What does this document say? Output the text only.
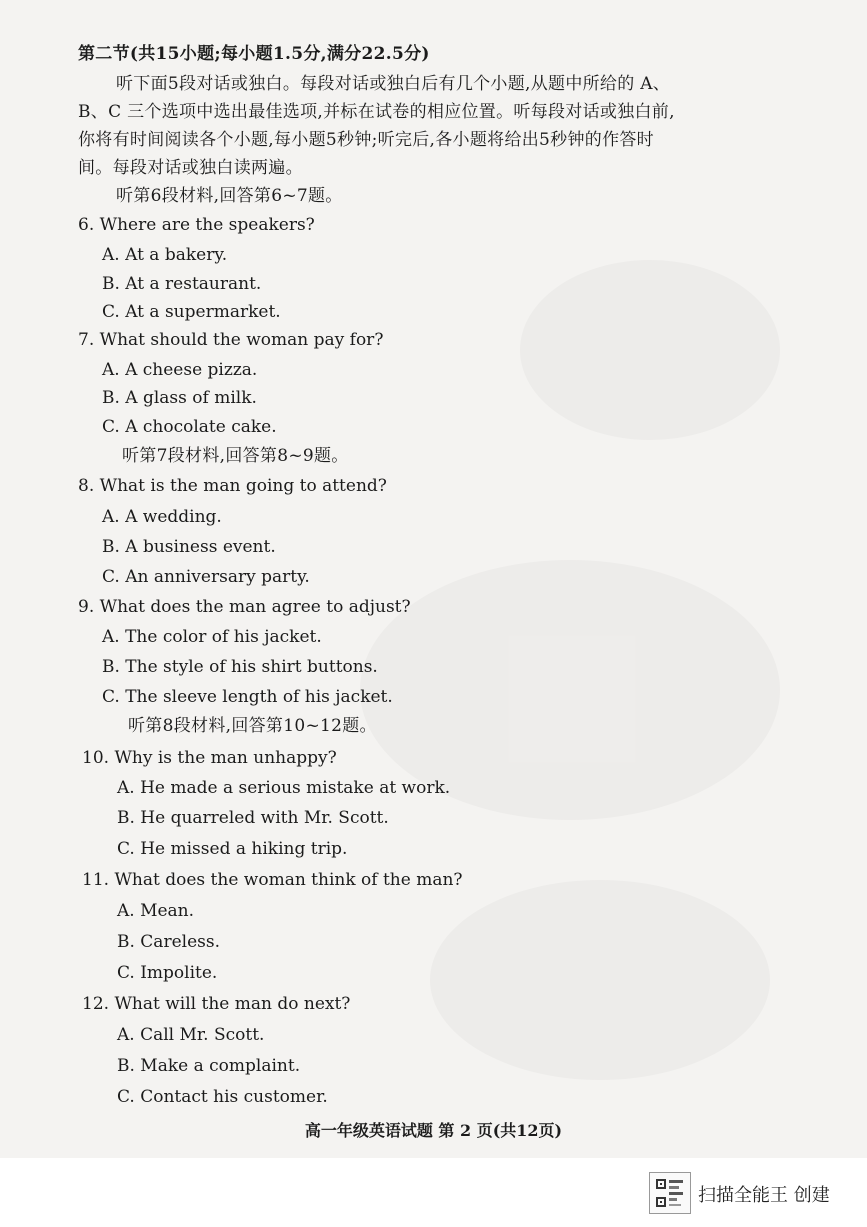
第二节(共15小题;每小题1.5分,满分22.5分)
听下面5段对话或独白。每段对话或独白后有几个小题,从题中所给的 A、
B、C 三个选项中选出最佳选项,并标在试卷的相应位置。听每段对话或独白前,
你将有时间阅读各个小题,每小题5秒钟;听完后,各小题将给出5秒钟的作答时
间。每段对话或独白读两遍。
听第6段材料,回答第6~7题。
6. Where are the speakers?
A. At a bakery.
B. At a restaurant.
C. At a supermarket.
7. What should the woman pay for?
A. A cheese pizza.
B. A glass of milk.
C. A chocolate cake.
听第7段材料,回答第8~9题。
8. What is the man going to attend?
A. A wedding.
B. A business event.
C. An anniversary party.
9. What does the man agree to adjust?
A. The color of his jacket.
B. The style of his shirt buttons.
C. The sleeve length of his jacket.
听第8段材料,回答第10~12题。
10. Why is the man unhappy?
A. He made a serious mistake at work.
B. He quarreled with Mr. Scott.
C. He missed a hiking trip.
11. What does the woman think of the man?
A. Mean.
B. Careless.
C. Impolite.
12. What will the man do next?
A. Call Mr. Scott.
B. Make a complaint.
C. Contact his customer.
高一年级英语试题 第 2 页(共12页)
扫描全能王 创建
